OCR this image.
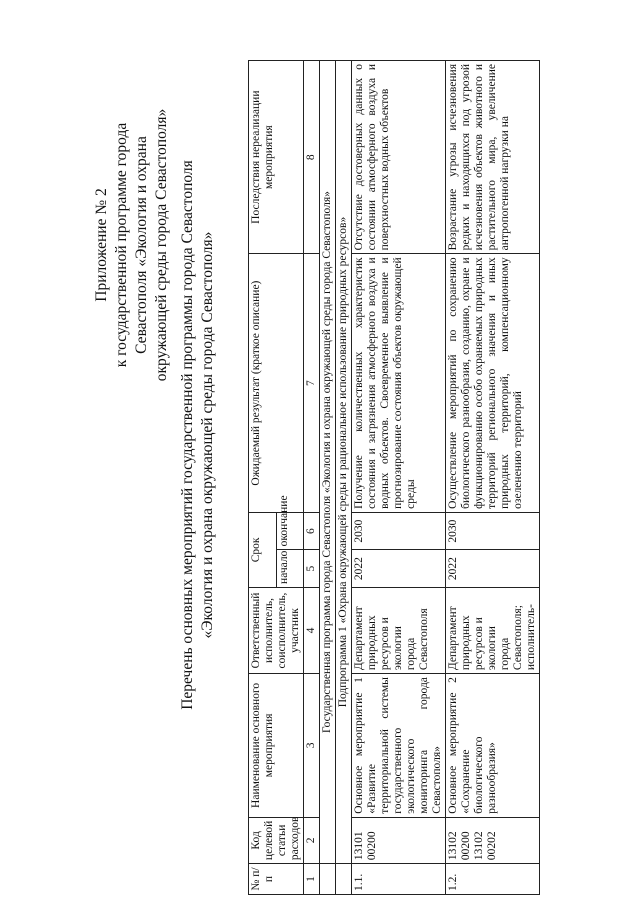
Приложение № 2 к государственной программе города Севастополя «Экология и охрана окружающей среды города Севастополя» Перечень основных мероприятий государственной программы города Севастополя «Экология и охрана окружающей среды города Севастополя»
№ п/п	Код целевой статьи расходов	Наименование основного мероприятия	Ответственный исполнитель, соисполнитель, участник	Срок		Ожидаемый результат (краткое описание)	Последствия нереализации мероприятия
				начало	окончание		
1	2	3	4	5	6	7	8
	Государственная программа города Севастополя «Экология и охрана окружающей среды города Севастополя»						
	Подпрограмма 1 «Охрана окружающей среды и рациональное использование природных ресурсов»						
1.1.	13101 00200	Основное мероприятие 1 «Развитие территориальной системы государственного экологического мониторинга города Севастополя»	Департамент природных ресурсов и экологии города Севастополя	2022	2030	Получение количественных характеристик состояния и загрязнения атмосферного воздуха и водных объектов. Своевременное выявление и прогнозирование состояния объектов окружающей среды	Отсутствие достоверных данных о состоянии атмосферного воздуха и поверхностных водных объектов
1.2.	13102 00200 13102 00202	Основное мероприятие 2 «Сохранение биологического разнообразия»	Департамент природных ресурсов и экологии города Севастополя; исполнитель-	2022	2030	Осуществление мероприятий по сохранению биологического разнообразия, созданию, охране и функционированию особо охраняемых природных территорий регионального значения и иных природных территорий, компенсационному озеленению территорий	Возрастание угрозы исчезновения редких и находящихся под угрозой исчезновения объектов животного и растительного мира, увеличение антропогенной нагрузки на
